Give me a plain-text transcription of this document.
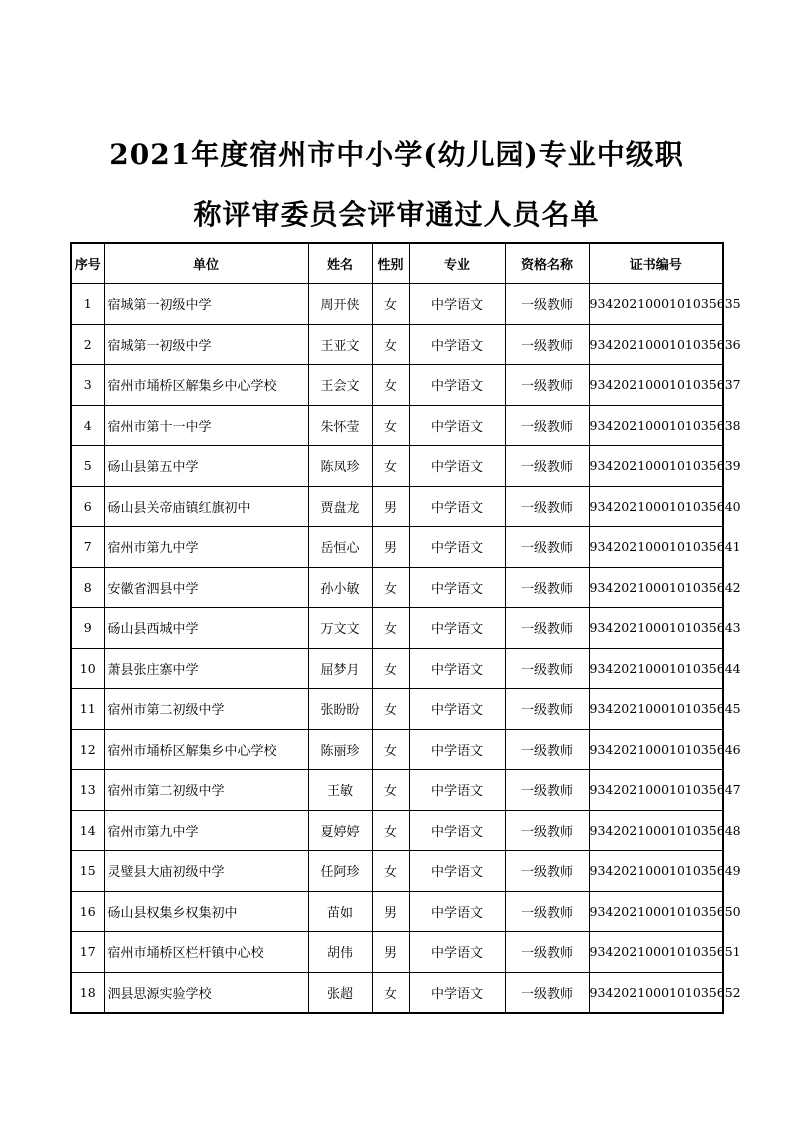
2021年度宿州市中小学(幼儿园)专业中级职
称评审委员会评审通过人员名单
序号	单位	姓名	性别	专业	资格名称	证书编号
1	宿城第一初级中学	周开侠	女	中学语文	一级教师	9342021000101035635
2	宿城第一初级中学	王亚文	女	中学语文	一级教师	9342021000101035636
3	宿州市埇桥区解集乡中心学校	王会文	女	中学语文	一级教师	9342021000101035637
4	宿州市第十一中学	朱怀莹	女	中学语文	一级教师	9342021000101035638
5	砀山县第五中学	陈凤珍	女	中学语文	一级教师	9342021000101035639
6	砀山县关帝庙镇红旗初中	贾盘龙	男	中学语文	一级教师	9342021000101035640
7	宿州市第九中学	岳恒心	男	中学语文	一级教师	9342021000101035641
8	安徽省泗县中学	孙小敏	女	中学语文	一级教师	9342021000101035642
9	砀山县西城中学	万文文	女	中学语文	一级教师	9342021000101035643
10	萧县张庄寨中学	屈梦月	女	中学语文	一级教师	9342021000101035644
11	宿州市第二初级中学	张盼盼	女	中学语文	一级教师	9342021000101035645
12	宿州市埇桥区解集乡中心学校	陈丽珍	女	中学语文	一级教师	9342021000101035646
13	宿州市第二初级中学	王敏	女	中学语文	一级教师	9342021000101035647
14	宿州市第九中学	夏婷婷	女	中学语文	一级教师	9342021000101035648
15	灵璧县大庙初级中学	任阿珍	女	中学语文	一级教师	9342021000101035649
16	砀山县权集乡权集初中	苗如	男	中学语文	一级教师	9342021000101035650
17	宿州市埇桥区栏杆镇中心校	胡伟	男	中学语文	一级教师	9342021000101035651
18	泗县思源实验学校	张超	女	中学语文	一级教师	9342021000101035652
